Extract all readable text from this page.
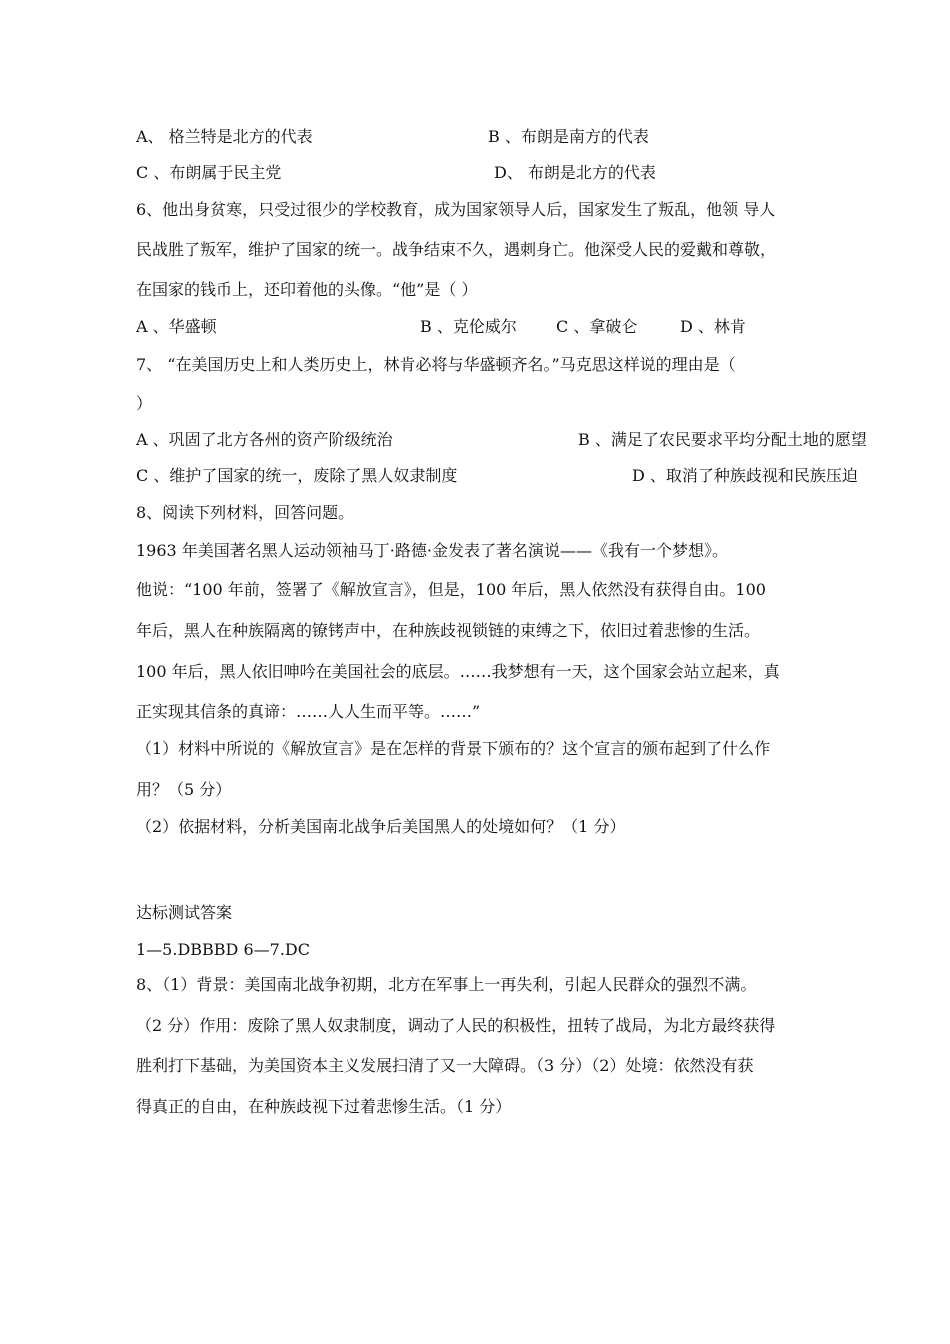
A、 格兰特是北方的代表	B 、布朗是南方的代表
C 、布朗属于民主党	D、 布朗是北方的代表
6、他出身贫寒，只受过很少的学校教育，成为国家领导人后，国家发生了叛乱，他领 导人
民战胜了叛军，维护了国家的统一。战争结束不久，遇刺身亡。他深受人民的爱戴和尊敬，
在国家的钱币上，还印着他的头像。“他”是（ ）
A 、华盛顿	B 、克伦威尔 C 、拿破仑	D 、林肯
7、 “在美国历史上和人类历史上，林肯必将与华盛顿齐名。”马克思这样说的理由是（
）
A 、巩固了北方各州的资产阶级统治	B 、满足了农民要求平均分配土地的愿望
C 、维护了国家的统一，废除了黑人奴隶制度	D 、取消了种族歧视和民族压迫
8、阅读下列材料，回答问题。
1963 年美国著名黑人运动领袖马丁·路德·金发表了著名演说——《我有一个梦想》。
他说：“100 年前，签署了《解放宣言》，但是，100 年后，黑人依然没有获得自由。100
年后，黑人在种族隔离的镣铐声中，在种族歧视锁链的束缚之下，依旧过着悲惨的生活。
100 年后，黑人依旧呻吟在美国社会的底层。……我梦想有一天，这个国家会站立起来，真
正实现其信条的真谛：……人人生而平等。……”
（1）材料中所说的《解放宣言》是在怎样的背景下颁布的？这个宣言的颁布起到了什么作
用？（5 分）
（2）依据材料，分析美国南北战争后美国黑人的处境如何？（1 分）
达标测试答案
1—5.DBBBD 6—7.DC
8、（1）背景：美国南北战争初期，北方在军事上一再失利，引起人民群众的强烈不满。
（2 分）作用：废除了黑人奴隶制度，调动了人民的积极性，扭转了战局，为北方最终获得
胜利打下基础，为美国资本主义发展扫清了又一大障碍。（3 分）（2）处境：依然没有获
得真正的自由，在种族歧视下过着悲惨生活。（1 分）
